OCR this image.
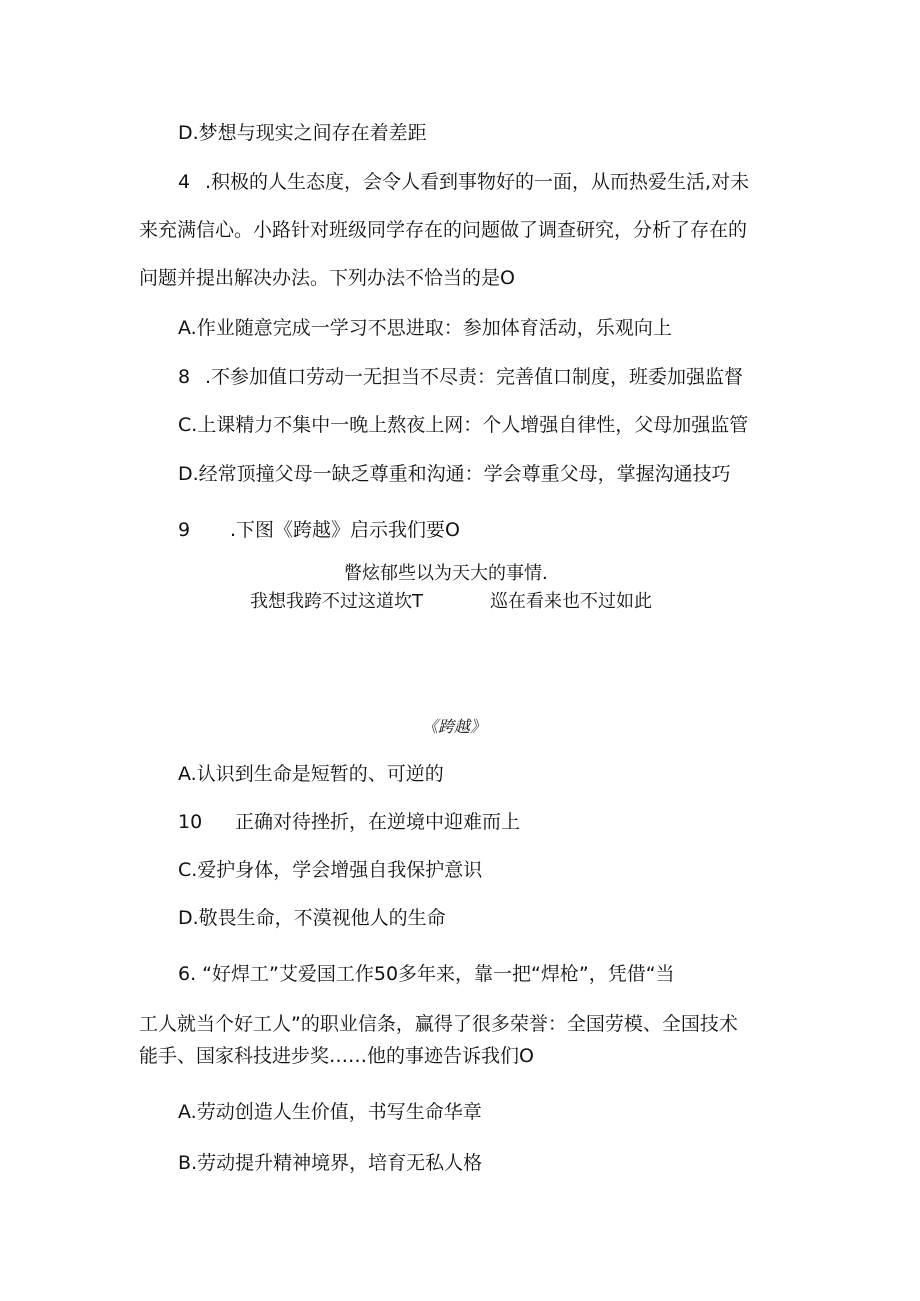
D.梦想与现实之间存在着差距
4 .积极的人生态度，会令人看到事物好的一面，从而热爱生活,对未
来充满信心。小路针对班级同学存在的问题做了调查研究，分析了存在的
问题并提出解决办法。下列办法不恰当的是O
A.作业随意完成一学习不思进取：参加体育活动，乐观向上
8 .不参加值口劳动一无担当不尽责：完善值口制度，班委加强监督
C.上课精力不集中一晚上熬夜上网：个人增强自律性，父母加强监管
D.经常顶撞父母一缺乏尊重和沟通：学会尊重父母，掌握沟通技巧
9 .下图《跨越》启示我们要O
瞥炫郁些以为天大的事情.
我想我跨不过这道坎T	巡在看来也不过如此
《跨越》
A.认识到生命是短暂的、可逆的
10 正确对待挫折，在逆境中迎难而上
C.爱护身体，学会增强自我保护意识
D.敬畏生命，不漠视他人的生命
6. “好焊工”艾爱国工作50多年来，靠一把“焊枪”，凭借“当
工人就当个好工人”的职业信条，赢得了很多荣誉：全国劳模、全国技术
能手、国家科技进步奖……他的事迹告诉我们O
A.劳动创造人生价值，书写生命华章
B.劳动提升精神境界，培育无私人格
